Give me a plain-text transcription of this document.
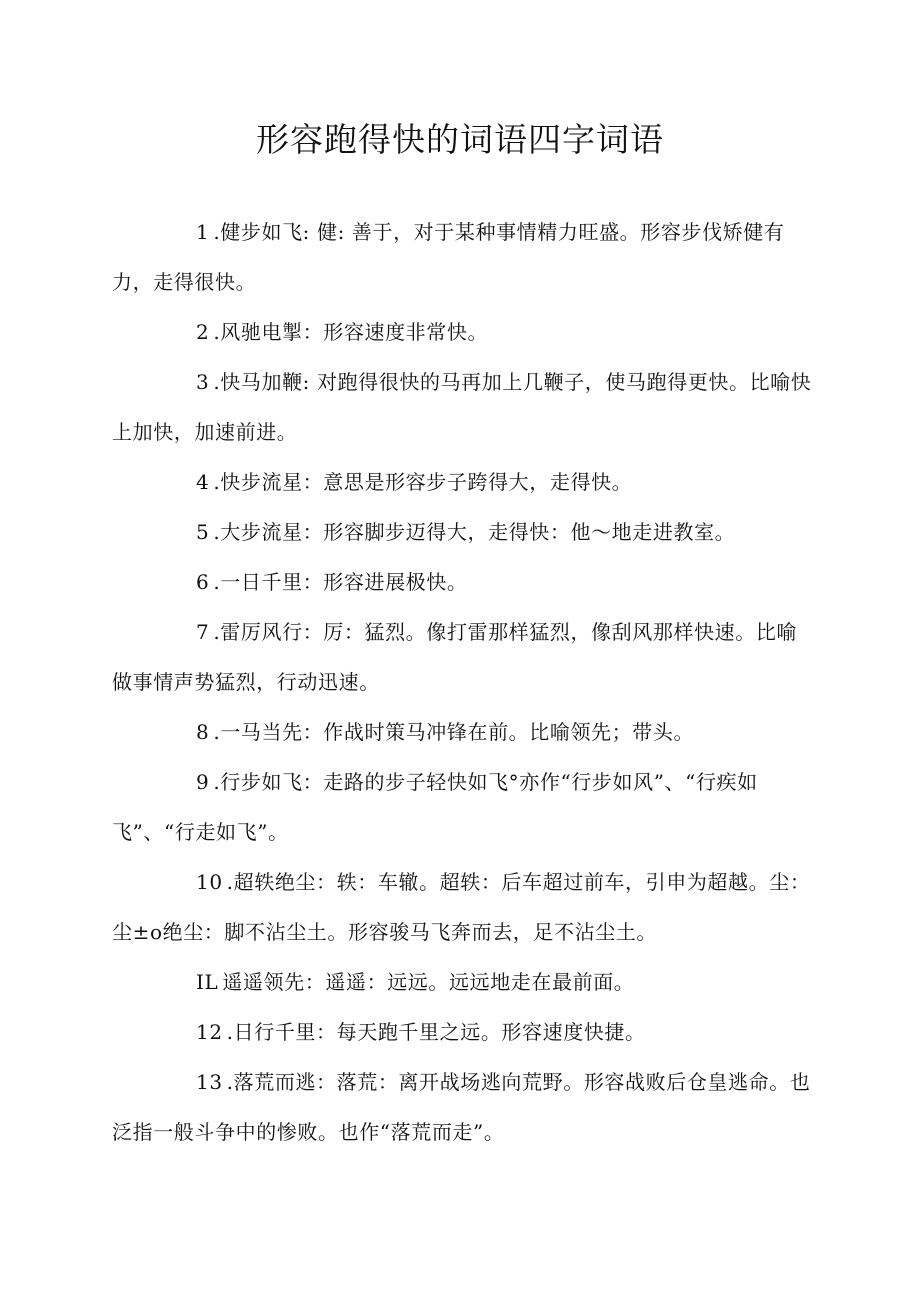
形容跑得快的词语四字词语

1 .健步如飞: 健: 善于，对于某种事情精力旺盛。形容步伐矫健有力，走得很快。

2 .风驰电掣：形容速度非常快。

3 .快马加鞭: 对跑得很快的马再加上几鞭子，使马跑得更快。比喻快上加快，加速前进。

4 .快步流星：意思是形容步子跨得大，走得快。

5 .大步流星：形容脚步迈得大，走得快：他～地走进教室。

6 .一日千里：形容进展极快。

7 .雷厉风行：厉：猛烈。像打雷那样猛烈，像刮风那样快速。比喻做事情声势猛烈，行动迅速。

8 .一马当先：作战时策马冲锋在前。比喻领先；带头。

9 .行步如飞：走路的步子轻快如飞°亦作“行步如风”、“行疾如飞”、“行走如飞”。

10 .超轶绝尘：轶：车辙。超轶：后车超过前车，引申为超越。尘：尘±o绝尘：脚不沾尘土。形容骏马飞奔而去，足不沾尘土。

IL 遥遥领先：遥遥：远远。远远地走在最前面。

12 .日行千里：每天跑千里之远。形容速度快捷。

13 .落荒而逃：落荒：离开战场逃向荒野。形容战败后仓皇逃命。也泛指一般斗争中的惨败。也作“落荒而走”。
